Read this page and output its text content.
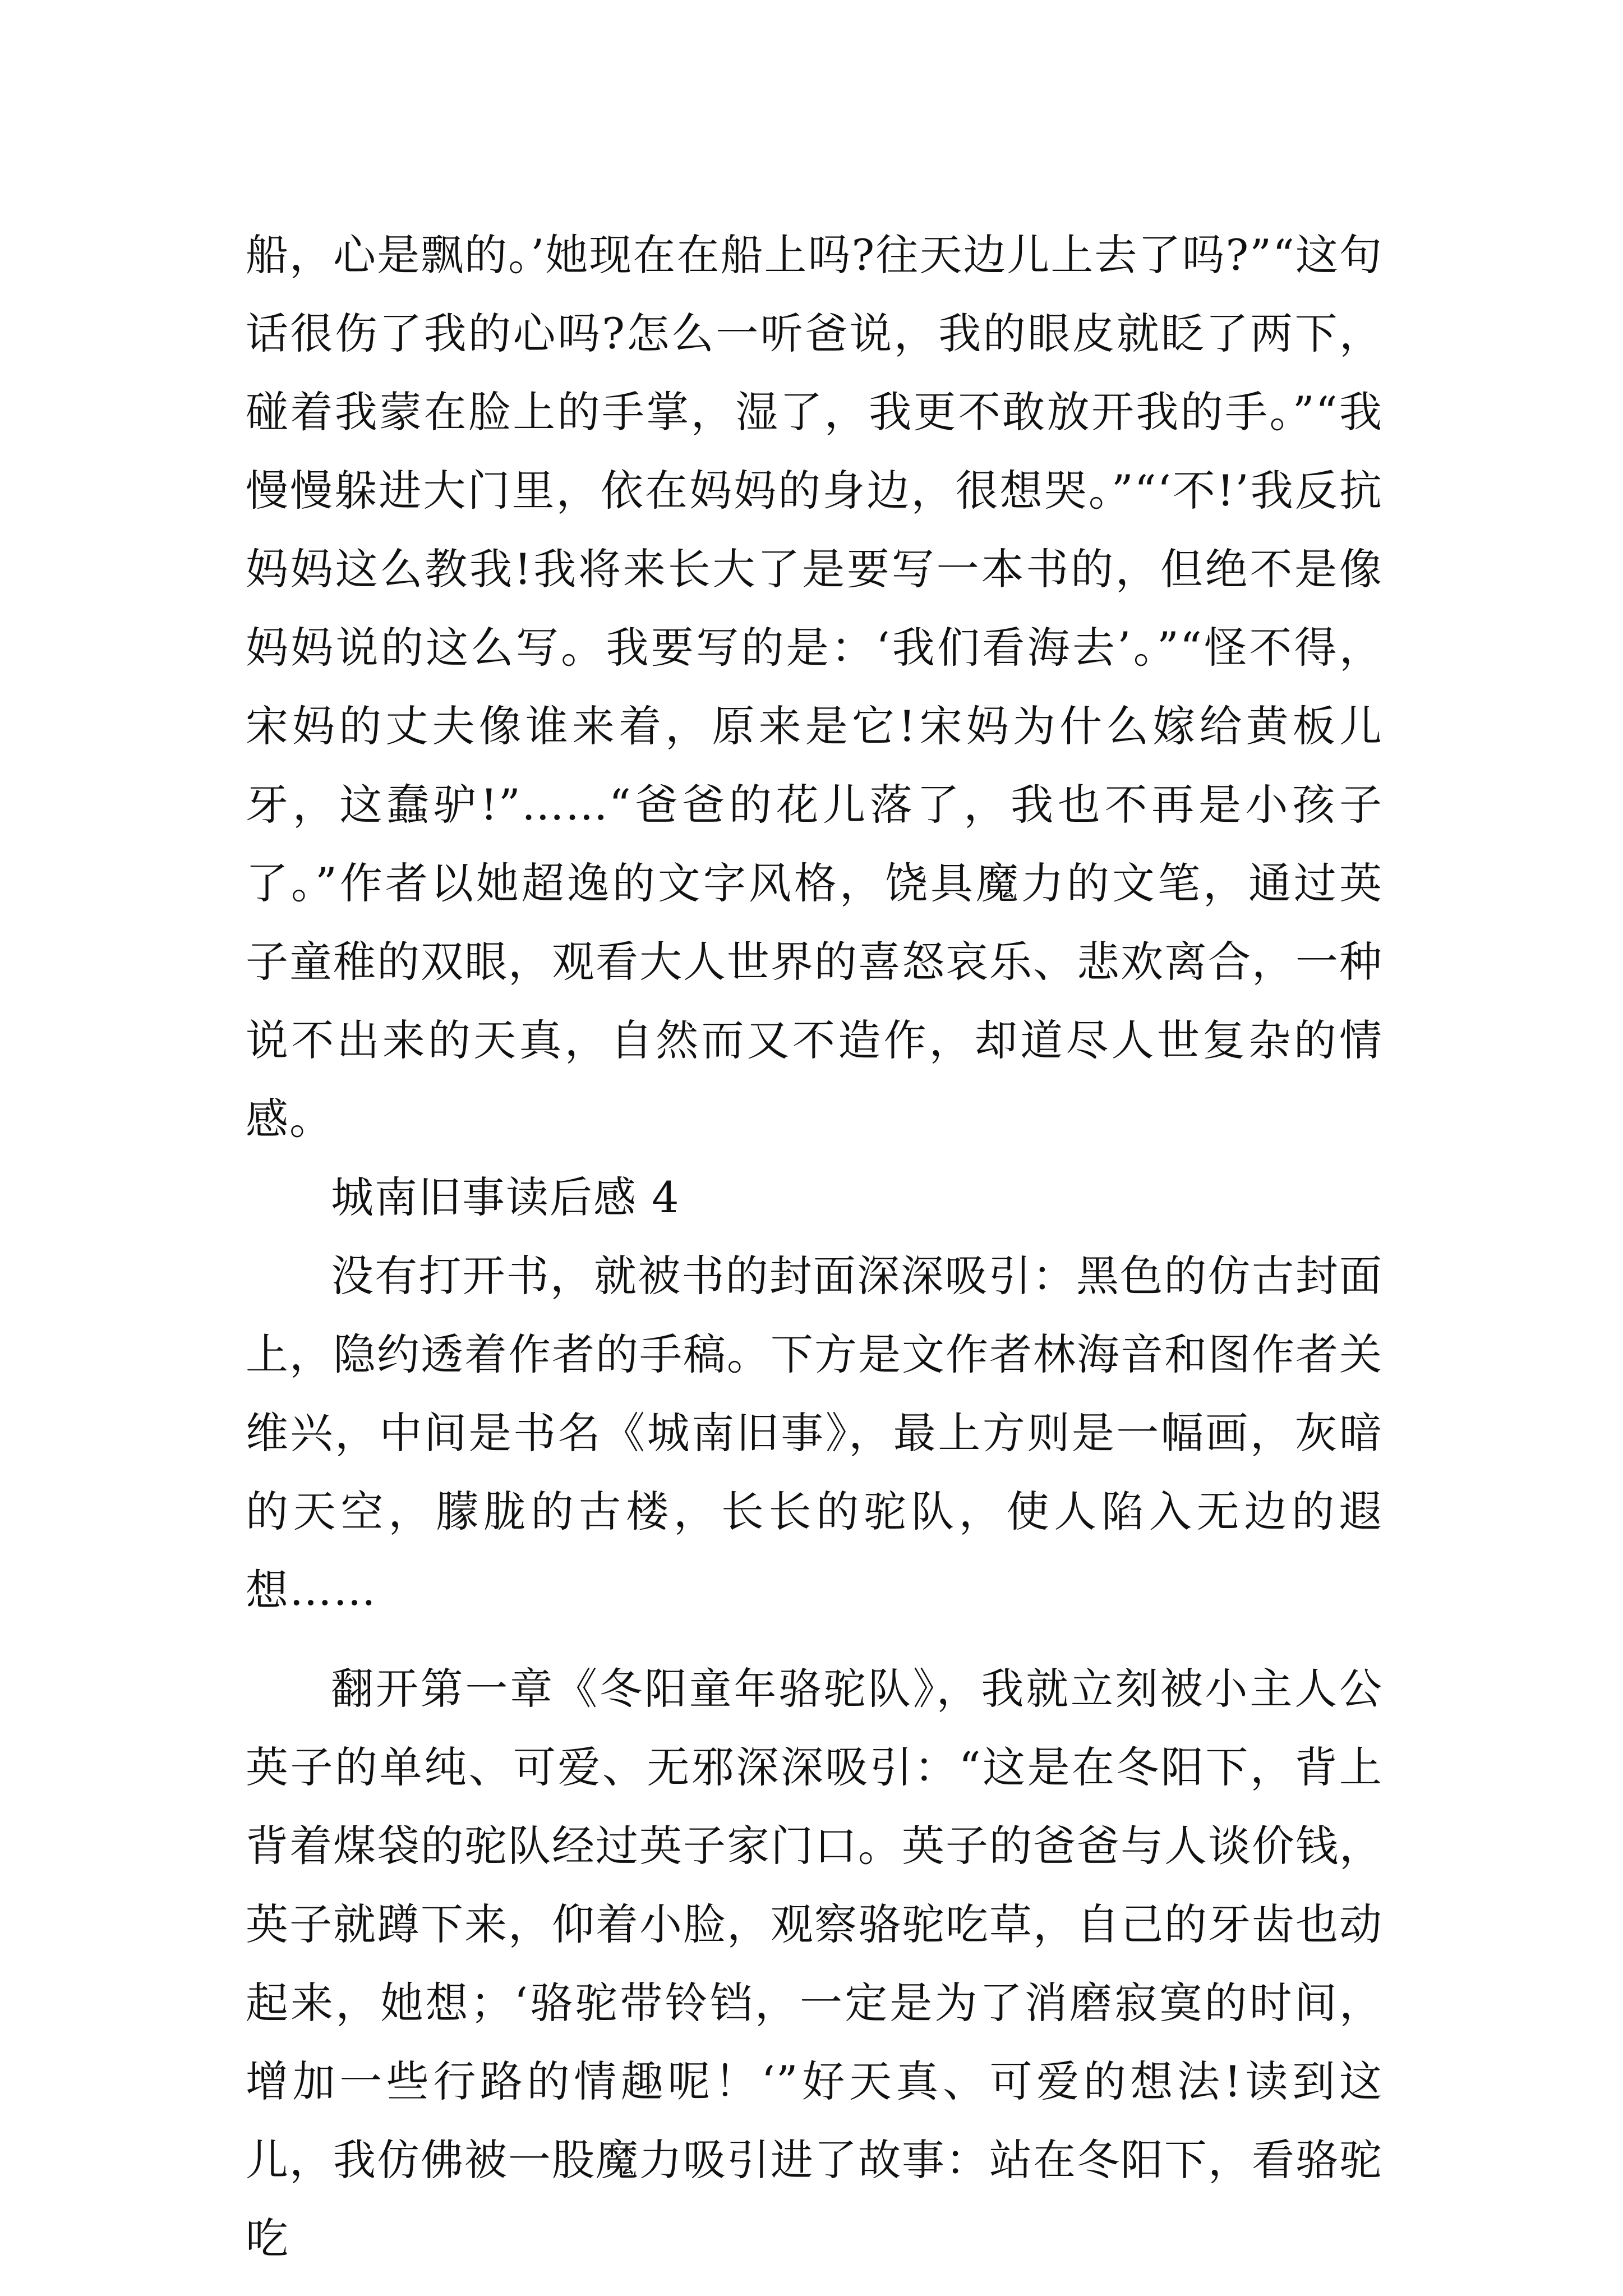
船，心是飘的。’她现在在船上吗?往天边儿上去了吗?”“这句话很伤了我的心吗?怎么一听爸说，我的眼皮就眨了两下，碰着我蒙在脸上的手掌，湿了，我更不敢放开我的手。”“我慢慢躲进大门里，依在妈妈的身边，很想哭。”“‘不!’我反抗妈妈这么教我!我将来长大了是要写一本书的，但绝不是像妈妈说的这么写。我要写的是：‘我们看海去’。”“怪不得，宋妈的丈夫像谁来着，原来是它!宋妈为什么嫁给黄板儿牙，这蠢驴!”……“爸爸的花儿落了，我也不再是小孩子了。”作者以她超逸的文字风格，饶具魔力的文笔，通过英子童稚的双眼，观看大人世界的喜怒哀乐、悲欢离合，一种说不出来的天真，自然而又不造作，却道尽人世复杂的情感。

城南旧事读后感 4

没有打开书，就被书的封面深深吸引：黑色的仿古封面上，隐约透着作者的手稿。下方是文作者林海音和图作者关维兴，中间是书名《城南旧事》，最上方则是一幅画，灰暗的天空，朦胧的古楼，长长的驼队，使人陷入无边的遐想……

翻开第一章《冬阳童年骆驼队》，我就立刻被小主人公英子的单纯、可爱、无邪深深吸引：“这是在冬阳下，背上背着煤袋的驼队经过英子家门口。英子的爸爸与人谈价钱，英子就蹲下来，仰着小脸，观察骆驼吃草，自己的牙齿也动起来，她想；‘骆驼带铃铛，一定是为了消磨寂寞的时间，增加一些行路的情趣呢！‘”好天真、可爱的想法!读到这儿，我仿佛被一股魔力吸引进了故事：站在冬阳下，看骆驼吃
